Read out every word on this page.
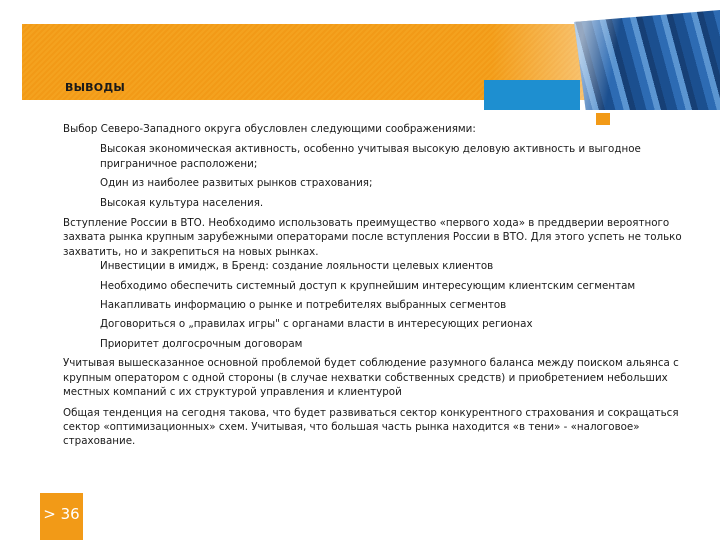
ВЫВОДЫ

Выбор Северо-Западного округа обусловлен следующими соображениями:

Высокая экономическая активность, особенно учитывая высокую деловую активность и выгодное приграничное расположени;

Один из наиболее развитых рынков страхования;

Высокая культура населения.

Вступление России в ВТО. Необходимо использовать преимущество «первого хода» в преддверии вероятного захвата рынка крупным зарубежными операторами после вступления России в ВТО. Для этого успеть не только захватить, но и закрепиться на новых рынках.

Инвестиции в имидж, в Бренд: создание лояльности целевых клиентов

Необходимо обеспечить системный доступ к крупнейшим интересующим клиентским сегментам

Накапливать информацию о рынке и потребителях выбранных сегментов

Договориться о „правилах игры" с органами власти в интересующих регионах

Приоритет долгосрочным договорам

Учитывая вышесказанное основной проблемой будет соблюдение разумного баланса между поиском альянса с крупным оператором с одной стороны (в случае нехватки собственных средств) и приобретением небольших местных компаний с их структурой управления и клиентурой

Общая тенденция на сегодня такова, что будет развиваться сектор конкурентного страхования и сокращаться сектор «оптимизационных» схем. Учитывая, что большая часть рынка находится «в тени» - «налоговое» страхование.

> 36
